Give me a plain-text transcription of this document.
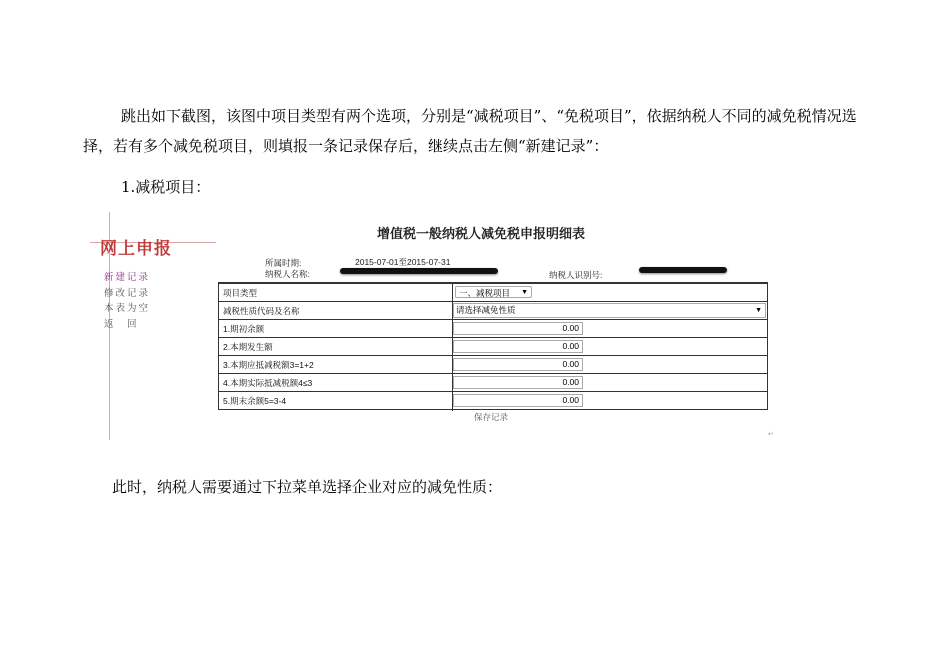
跳出如下截图，该图中项目类型有两个选项，分别是“减税项目”、“免税项目”，依据纳税人不同的减免税情况选择，若有多个减免税项目，则填报一条记录保存后，继续点击左侧“新建记录”：
1.减税项目：
网上申报
新建记录
修改记录
本表为空
返　回
增值税一般纳税人减免税申报明细表
所属时期:	2015-07-01至2015-07-31
纳税人名称:	纳税人识别号:
项目类型	一、减税项目 ▼
减税性质代码及名称	请选择减免性质	▼
1.期初余额	0.00
2.本期发生额	0.00
3.本期应抵减税额3=1+2	0.00
4.本期实际抵减税额4≤3	0.00
5.期末余额5=3-4	0.00
保存记录
↵
此时，纳税人需要通过下拉菜单选择企业对应的减免性质：
